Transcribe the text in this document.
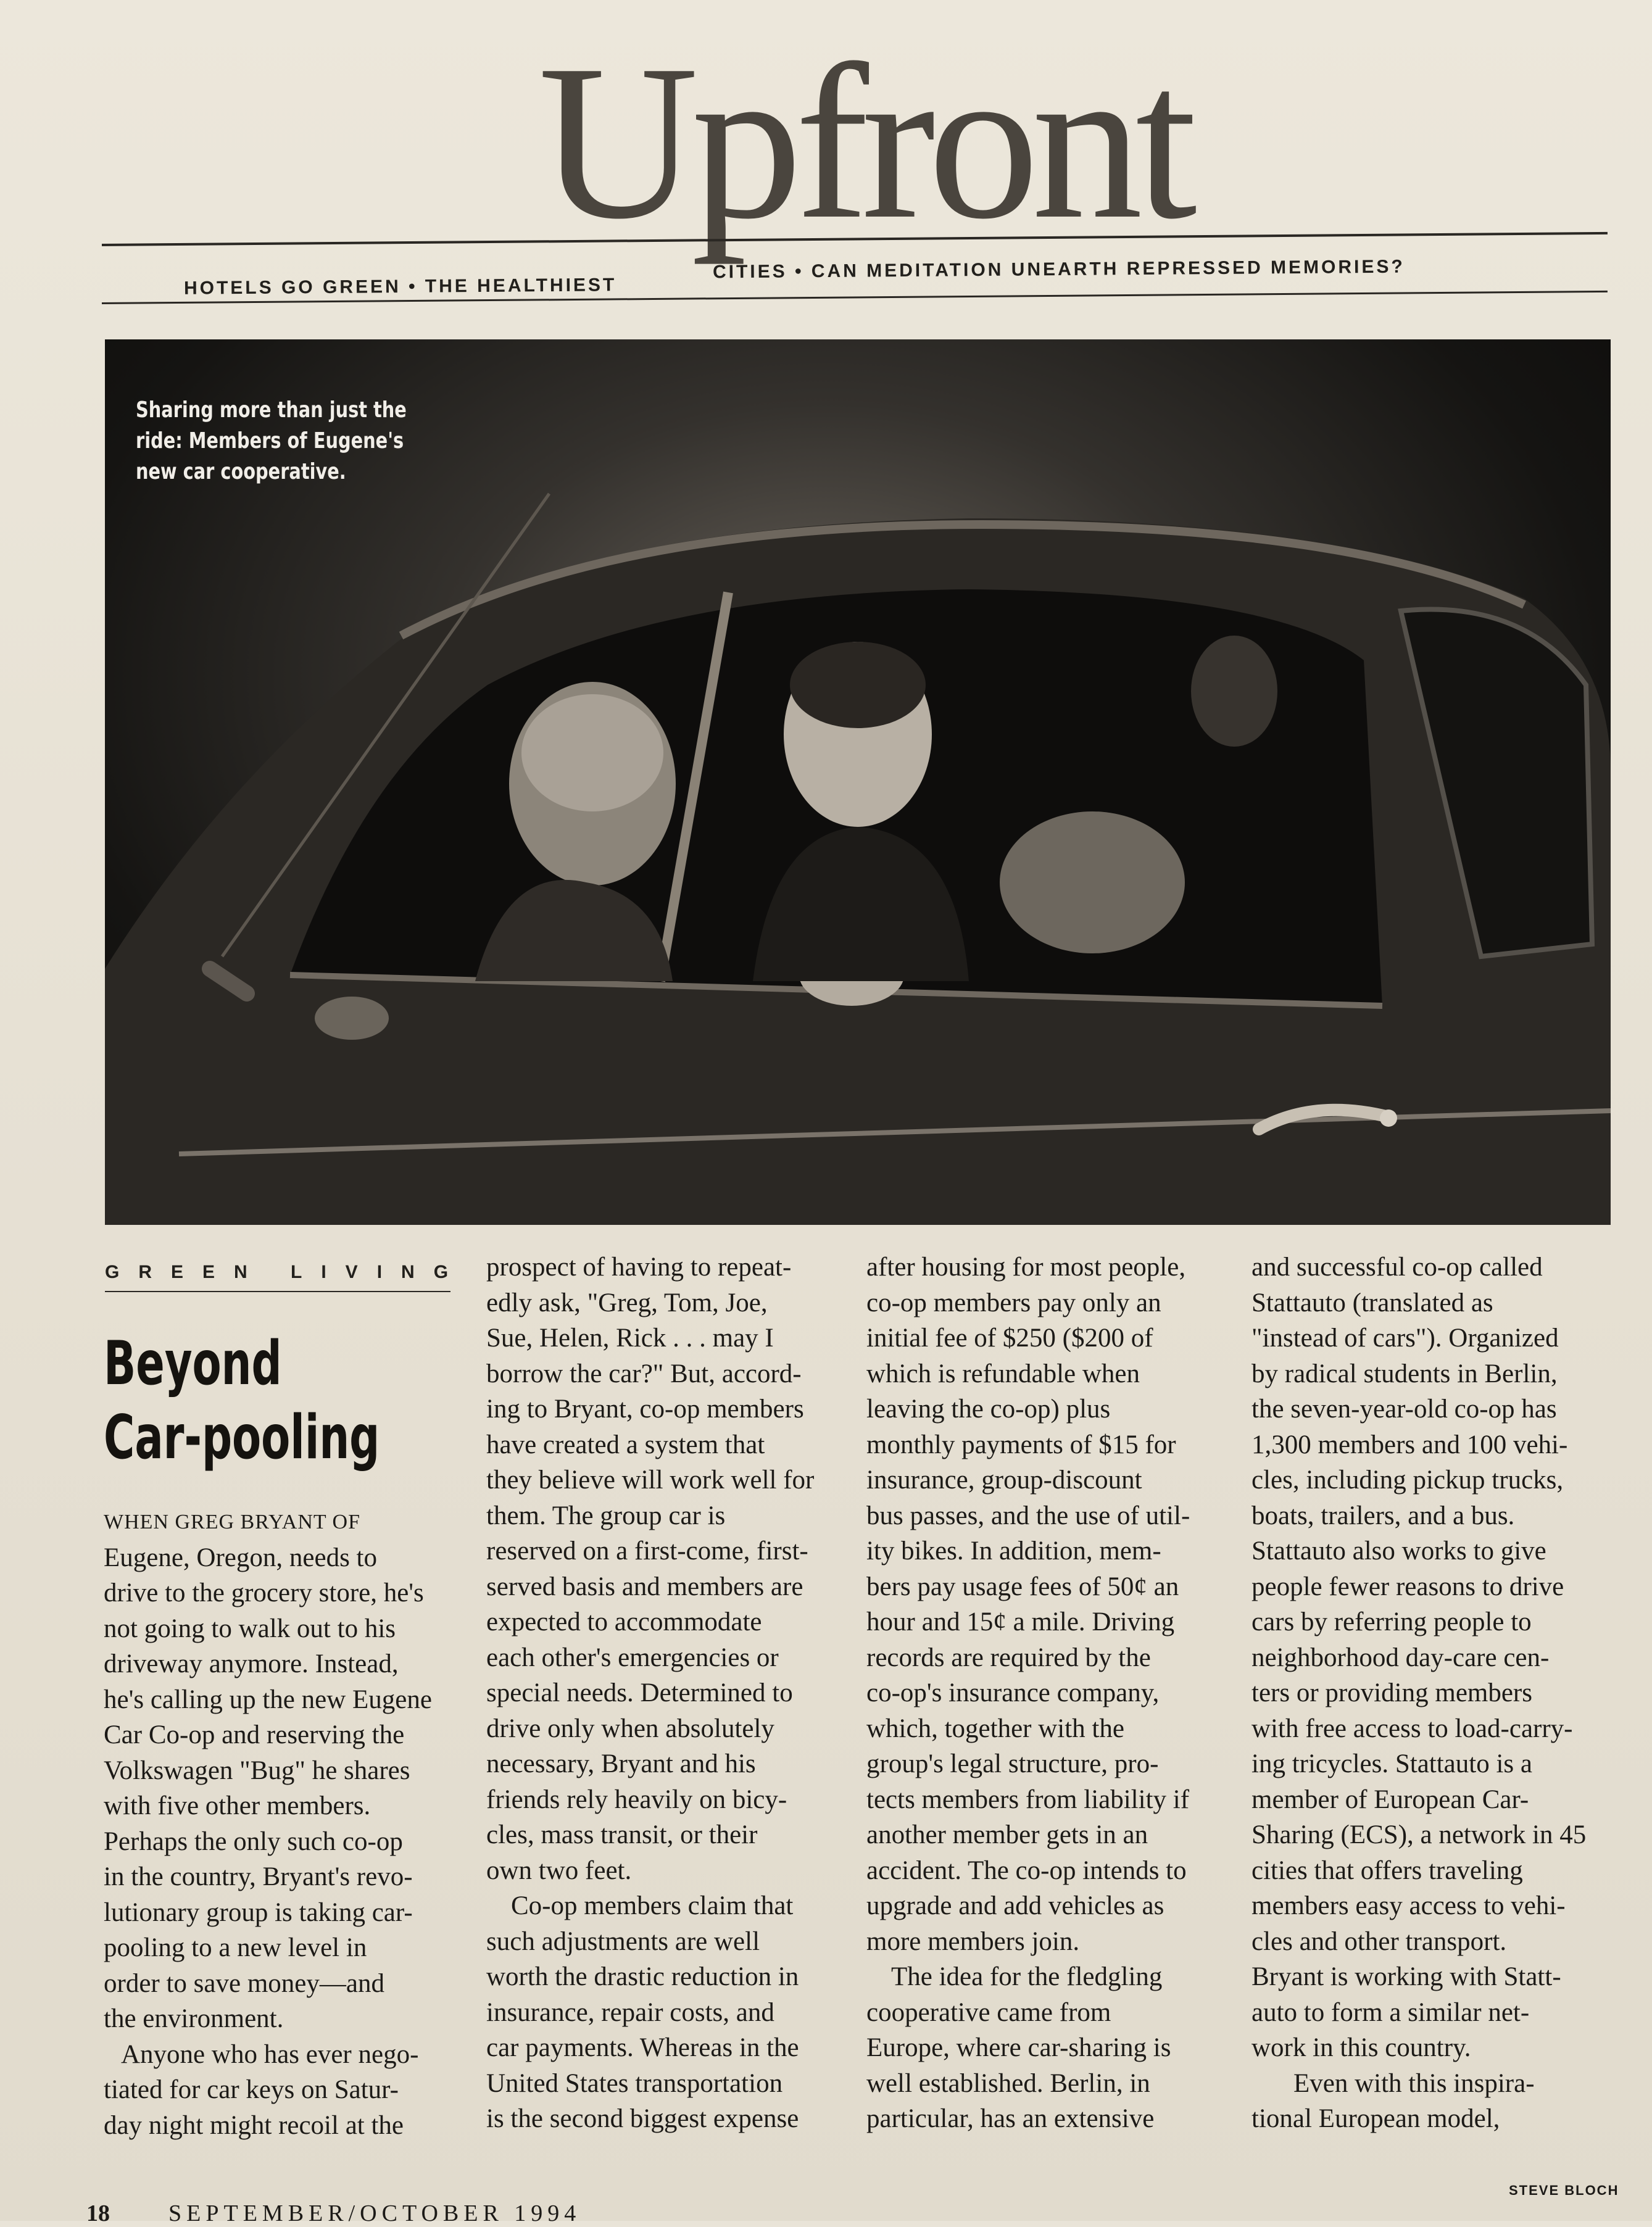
Upfront
HOTELS GO GREEN • THE HEALTHIEST
CITIES • CAN MEDITATION UNEARTH REPRESSED MEMORIES?
Sharing more than just the
ride: Members of Eugene's
new car cooperative.
GREEN LIVING
Beyond
Car-pooling

WHEN GREG BRYANT OF
Eugene, Oregon, needs to
drive to the grocery store, he's
not going to walk out to his
driveway anymore. Instead,
he's calling up the new Eugene
Car Co-op and reserving the
Volkswagen "Bug" he shares
with five other members.
Perhaps the only such co-op
in the country, Bryant's revo-
lutionary group is taking car-
pooling to a new level in
order to save money—and
the environment.

Anyone who has ever nego-

tiated for car keys on Satur-
day night might recoil at the

prospect of having to repeat-
edly ask, "Greg, Tom, Joe,
Sue, Helen, Rick . . . may I
borrow the car?" But, accord-
ing to Bryant, co-op members
have created a system that
they believe will work well for
them. The group car is
reserved on a first-come, first-
served basis and members are
expected to accommodate
each other's emergencies or
special needs. Determined to
drive only when absolutely
necessary, Bryant and his
friends rely heavily on bicy-
cles, mass transit, or their
own two feet.

Co-op members claim that
such adjustments are well
worth the drastic reduction in
insurance, repair costs, and
car payments. Whereas in the
United States transportation
is the second biggest expense

after housing for most people,
co-op members pay only an
initial fee of $250 ($200 of
which is refundable when
leaving the co-op) plus
monthly payments of $15 for
insurance, group-discount
bus passes, and the use of util-
ity bikes. In addition, mem-
bers pay usage fees of 50¢ an
hour and 15¢ a mile. Driving
records are required by the
co-op's insurance company,
which, together with the
group's legal structure, pro-
tects members from liability if
another member gets in an
accident. The co-op intends to
upgrade and add vehicles as
more members join.

The idea for the fledgling
cooperative came from
Europe, where car-sharing is
well established. Berlin, in
particular, has an extensive

and successful co-op called
Stattauto (translated as
"instead of cars"). Organized
by radical students in Berlin,
the seven-year-old co-op has
1,300 members and 100 vehi-
cles, including pickup trucks,
boats, trailers, and a bus.
Stattauto also works to give
people fewer reasons to drive
cars by referring people to
neighborhood day-care cen-
ters or providing members
with free access to load-carry-
ing tricycles. Stattauto is a
member of European Car-
Sharing (ECS), a network in 45
cities that offers traveling
members easy access to vehi-
cles and other transport.
Bryant is working with Statt-
auto to form a similar net-
work in this country.

Even with this inspira-
tional European model,

18	SEPTEMBER/OCTOBER 1994
STEVE BLOCH
